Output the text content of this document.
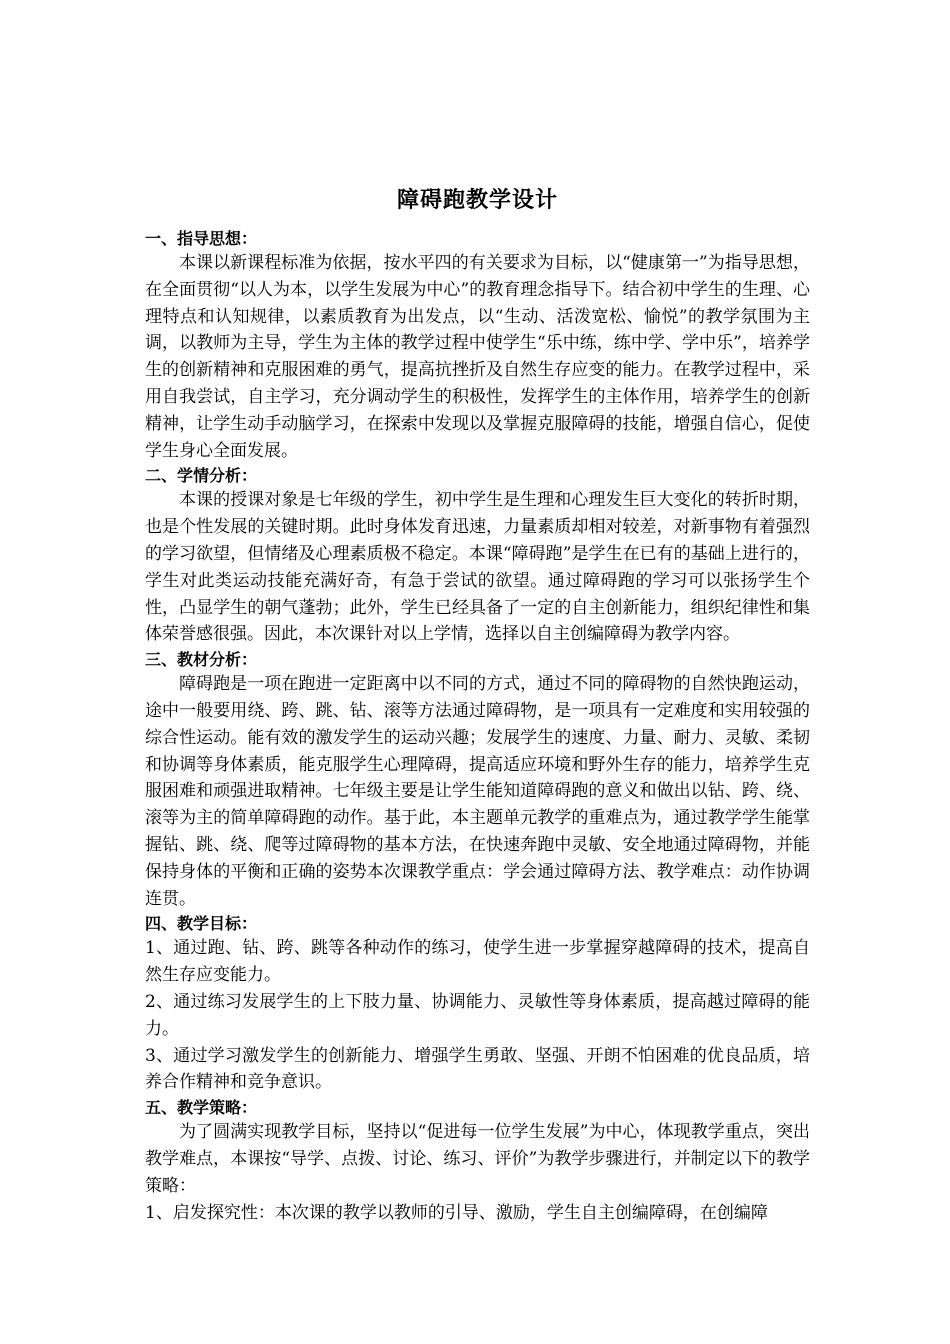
障碍跑教学设计

一、指导思想：

本课以新课程标准为依据，按水平四的有关要求为目标，以“健康第一”为指导思想，在全面贯彻“以人为本，以学生发展为中心”的教育理念指导下。结合初中学生的生理、心理特点和认知规律，以素质教育为出发点，以“生动、活泼宽松、愉悦”的教学氛围为主调，以教师为主导，学生为主体的教学过程中使学生“乐中练，练中学、学中乐”，培养学生的创新精神和克服困难的勇气，提高抗挫折及自然生存应变的能力。在教学过程中，采用自我尝试，自主学习，充分调动学生的积极性，发挥学生的主体作用，培养学生的创新精神，让学生动手动脑学习，在探索中发现以及掌握克服障碍的技能，增强自信心，促使学生身心全面发展。

二、学情分析：

本课的授课对象是七年级的学生，初中学生是生理和心理发生巨大变化的转折时期，也是个性发展的关键时期。此时身体发育迅速，力量素质却相对较差，对新事物有着强烈的学习欲望，但情绪及心理素质极不稳定。本课“障碍跑”是学生在已有的基础上进行的，学生对此类运动技能充满好奇，有急于尝试的欲望。通过障碍跑的学习可以张扬学生个性，凸显学生的朝气蓬勃；此外，学生已经具备了一定的自主创新能力，组织纪律性和集体荣誉感很强。因此，本次课针对以上学情，选择以自主创编障碍为教学内容。

三、教材分析：

障碍跑是一项在跑进一定距离中以不同的方式，通过不同的障碍物的自然快跑运动，途中一般要用绕、跨、跳、钻、滚等方法通过障碍物，是一项具有一定难度和实用较强的综合性运动。能有效的激发学生的运动兴趣；发展学生的速度、力量、耐力、灵敏、柔韧和协调等身体素质，能克服学生心理障碍，提高适应环境和野外生存的能力，培养学生克服困难和顽强进取精神。七年级主要是让学生能知道障碍跑的意义和做出以钻、跨、绕、滚等为主的简单障碍跑的动作。基于此，本主题单元教学的重难点为，通过教学学生能掌握钻、跳、绕、爬等过障碍物的基本方法，在快速奔跑中灵敏、安全地通过障碍物，并能保持身体的平衡和正确的姿势本次课教学重点：学会通过障碍方法、教学难点：动作协调连贯。

四、教学目标：

1、通过跑、钻、跨、跳等各种动作的练习，使学生进一步掌握穿越障碍的技术，提高自然生存应变能力。

2、通过练习发展学生的上下肢力量、协调能力、灵敏性等身体素质，提高越过障碍的能力。

3、通过学习激发学生的创新能力、增强学生勇敢、坚强、开朗不怕困难的优良品质，培养合作精神和竞争意识。

五、教学策略：

为了圆满实现教学目标，坚持以“促进每一位学生发展”为中心，体现教学重点，突出教学难点，本课按“导学、点拨、讨论、练习、评价”为教学步骤进行，并制定以下的教学策略：

1、启发探究性：本次课的教学以教师的引导、激励，学生自主创编障碍，在创编障
